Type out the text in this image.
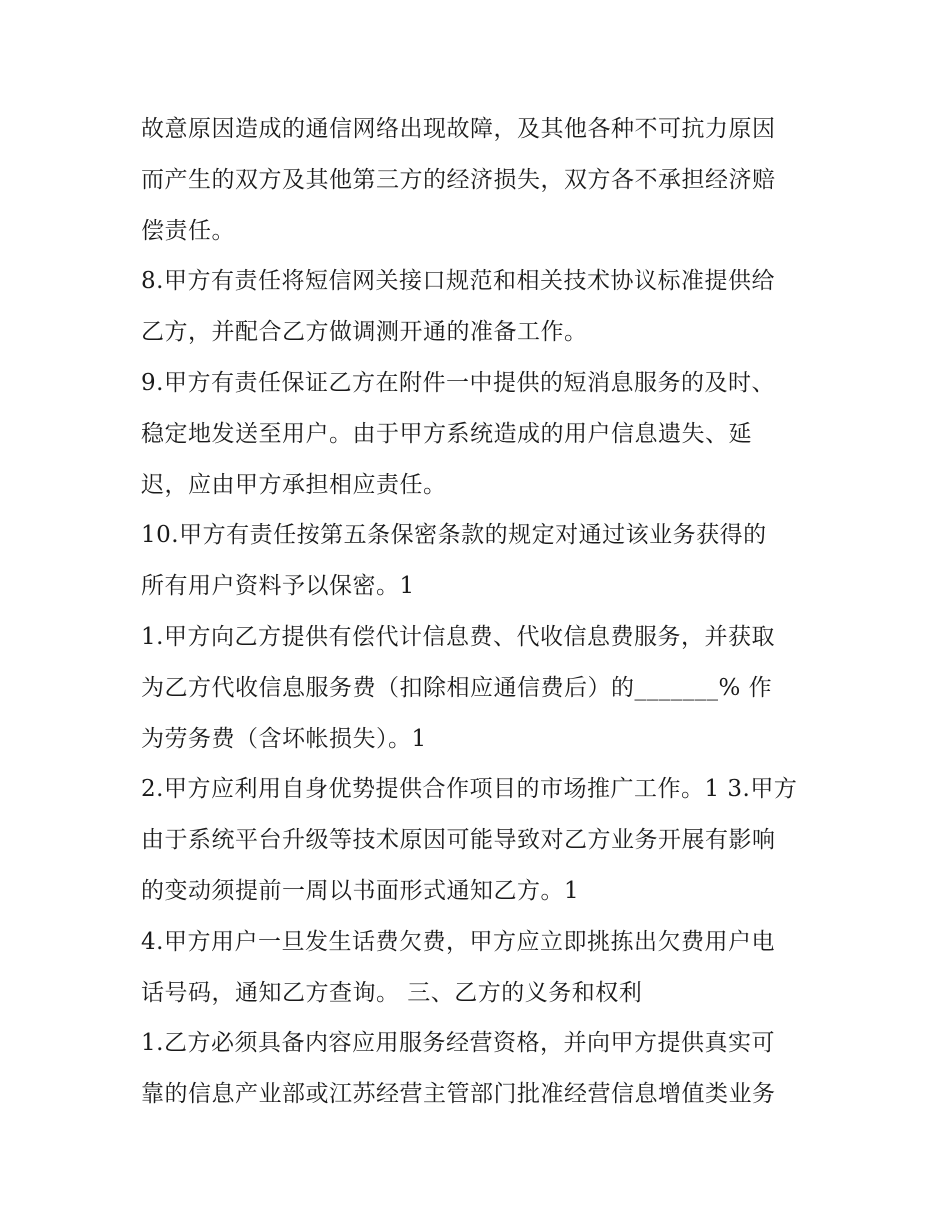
故意原因造成的通信网络出现故障，及其他各种不可抗力原因
而产生的双方及其他第三方的经济损失，双方各不承担经济赔
偿责任。
8.甲方有责任将短信网关接口规范和相关技术协议标准提供给
乙方，并配合乙方做调测开通的准备工作。
9.甲方有责任保证乙方在附件一中提供的短消息服务的及时、
稳定地发送至用户。由于甲方系统造成的用户信息遗失、延
迟，应由甲方承担相应责任。
10.甲方有责任按第五条保密条款的规定对通过该业务获得的
所有用户资料予以保密。1
1.甲方向乙方提供有偿代计信息费、代收信息费服务，并获取
为乙方代收信息服务费（扣除相应通信费后）的_______% 作
为劳务费（含坏帐损失）。1
2.甲方应利用自身优势提供合作项目的市场推广工作。1 3.甲方
由于系统平台升级等技术原因可能导致对乙方业务开展有影响
的变动须提前一周以书面形式通知乙方。1
4.甲方用户一旦发生话费欠费，甲方应立即挑拣出欠费用户电
话号码，通知乙方查询。 三、乙方的义务和权利
1.乙方必须具备内容应用服务经营资格，并向甲方提供真实可
靠的信息产业部或江苏经营主管部门批准经营信息增值类业务
